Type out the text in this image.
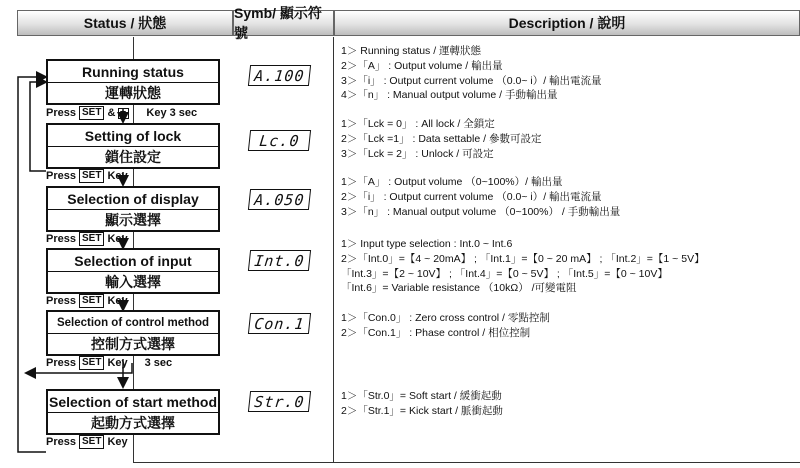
Status / 狀態
Symb/ 顯示符號
Description / 說明
Running status
運轉狀態
Press SET &	Key 3 sec
Setting of lock
鎖住設定
Press SET Key
Selection of display
顯示選擇
Press SET Key
Selection of input
輸入選擇
Press SET Key
Selection of control method
控制方式選擇
Press SET Key 3 sec
Selection of start method
起動方式選擇
Press SET Key
A.100
Lc.0
A.050
Int.0
Con.1
Str.0
1＞ Running status / 運轉狀態
2＞「A」 : Output volume / 輸出量
3＞「i」 : Output current volume （0.0~ i）/ 輸出電流量
4＞「n」 : Manual output volume / 手動輸出量
1＞「Lck = 0」 : All lock / 全鎖定
2＞「Lck =1」 : Data settable / 參數可設定
3＞「Lck = 2」 : Unlock / 可設定
1＞「A」 : Output volume （0~100%）/ 輸出量
2＞「i」 : Output current volume （0.0~ i）/ 輸出電流量
3＞「n」 : Manual output volume （0~100%） / 手動輸出量
1＞ Input type selection : Int.0 ~ Int.6
2＞「Int.0」=【4 ~ 20mA】 ; 「Int.1」=【0 ~ 20 mA】 ; 「Int.2」=【1 ~ 5V】
「Int.3」=【2 ~ 10V】 ; 「Int.4」=【0 ~ 5V】 ; 「Int.5」=【0 ~ 10V】
「Int.6」= Variable resistance （10kΩ） /可變電阻
1＞「Con.0」 : Zero cross control / 零點控制
2＞「Con.1」 : Phase control / 相位控制
1＞「Str.0」= Soft start / 緩衝起動
2＞「Str.1」= Kick start / 脈衝起動
